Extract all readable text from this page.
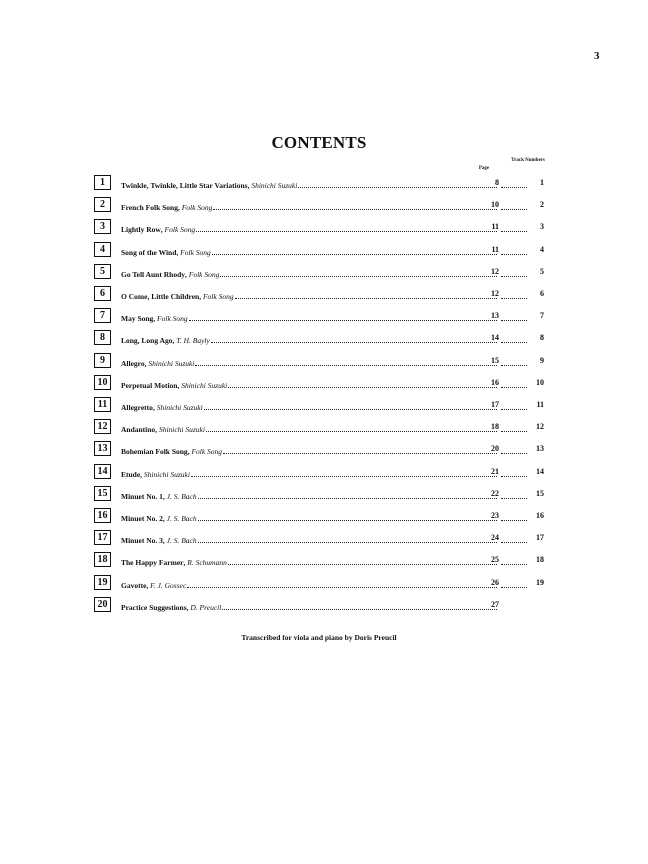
3
CONTENTS
Page
Track Numbers
1	Twinkle, Twinkle, Little Star Variations , Shinichi Suzuki	8	1
2	French Folk Song , Folk Song	10	2
3	Lightly Row , Folk Song	11	3
4	Song of the Wind , Folk Song	11	4
5	Go Tell Aunt Rhody , Folk Song	12	5
6	O Come, Little Children , Folk Song	12	6
7	May Song , Folk Song	13	7
8	Long, Long Ago , T. H. Bayly	14	8
9	Allegro , Shinichi Suzuki	15	9
10	Perpetual Motion , Shinichi Suzuki	16	10
11	Allegretto , Shinichi Suzuki	17	11
12	Andantino , Shinichi Suzuki	18	12
13	Bohemian Folk Song , Folk Song	20	13
14	Etude , Shinichi Suzuki	21	14
15	Minuet No. 1 , J. S. Bach	22	15
16	Minuet No. 2 , J. S. Bach	23	16
17	Minuet No. 3 , J. S. Bach	24	17
18	The Happy Farmer , R. Schumann	25	18
19	Gavotte , F. J. Gossec	26	19
20	Practice Suggestions , D. Preucil	27
Transcribed for viola and piano by Doris Preucil
